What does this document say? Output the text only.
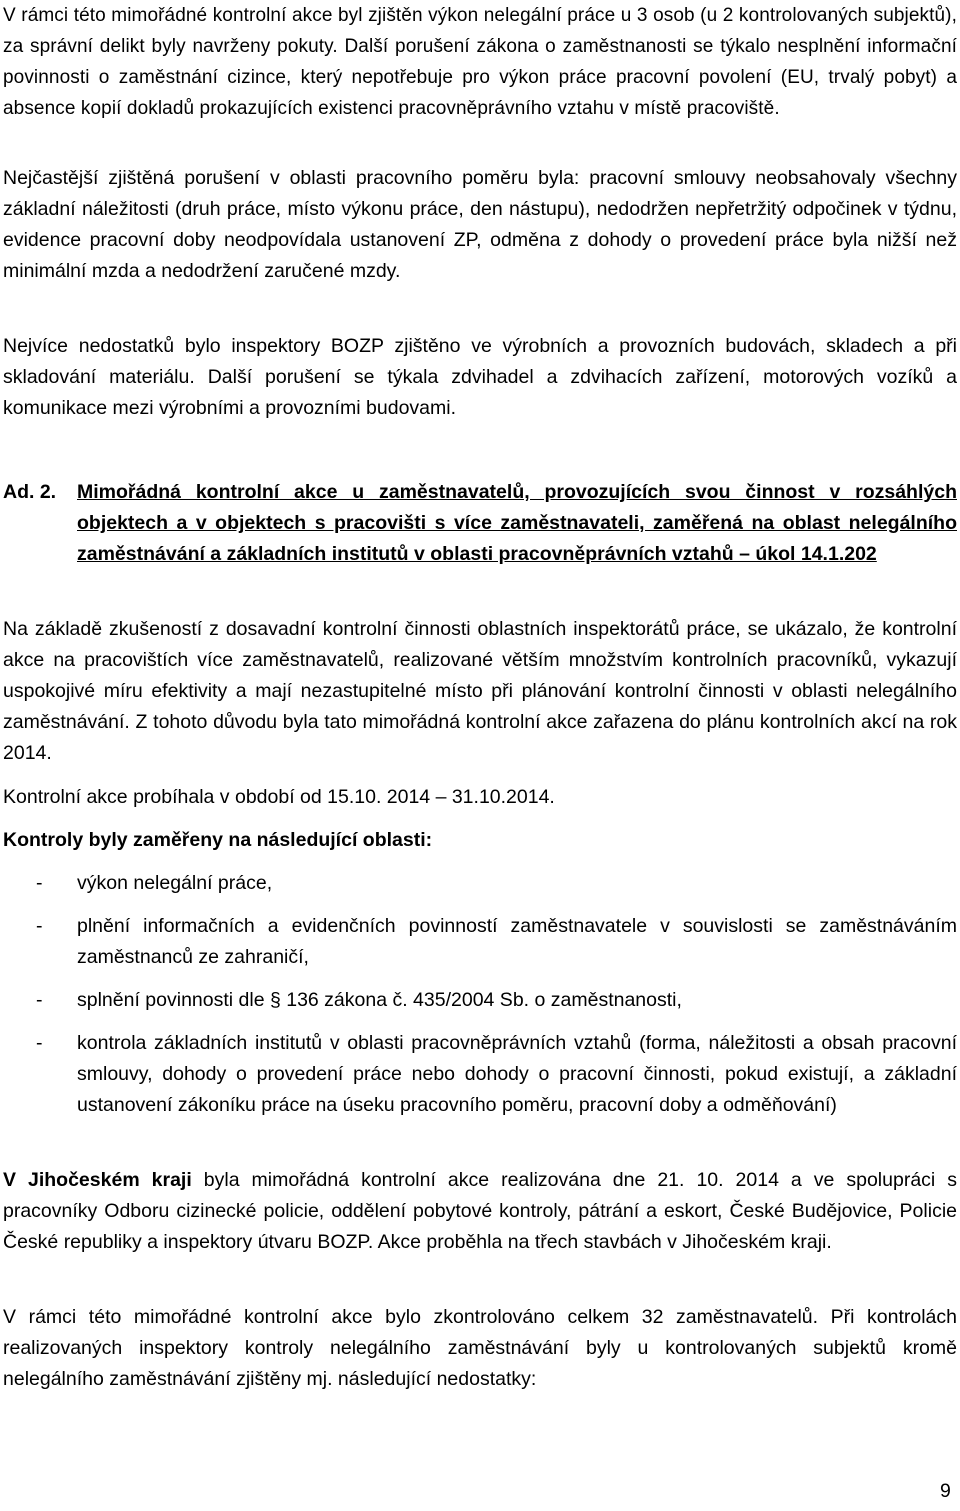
V rámci této mimořádné kontrolní akce byl zjištěn výkon nelegální práce u 3 osob (u 2 kontrolovaných subjektů), za správní delikt byly navrženy pokuty. Další porušení zákona o zaměstnanosti se týkalo nesplnění informační povinnosti o zaměstnání cizince, který nepotřebuje pro výkon práce pracovní povolení (EU, trvalý pobyt) a absence kopií dokladů prokazujících existenci pracovněprávního vztahu v místě pracoviště.

Nejčastější zjištěná porušení v oblasti pracovního poměru byla: pracovní smlouvy neobsahovaly všechny základní náležitosti (druh práce, místo výkonu práce, den nástupu), nedodržen nepřetržitý odpočinek v týdnu, evidence pracovní doby neodpovídala ustanovení ZP, odměna z dohody o provedení práce byla nižší než minimální mzda a nedodržení zaručené mzdy.

Nejvíce nedostatků bylo inspektory BOZP zjištěno ve výrobních a provozních budovách, skladech a při skladování materiálu. Další porušení se týkala zdvihadel a zdvihacích zařízení, motorových vozíků a komunikace mezi výrobními a provozními budovami.

Ad. 2.	Mimořádná kontrolní akce u zaměstnavatelů, provozujících svou činnost v rozsáhlých objektech a v objektech s pracovišti s více zaměstnavateli, zaměřená na oblast nelegálního zaměstnávání a základních institutů v oblasti pracovněprávních vztahů – úkol 14.1.202

Na základě zkušeností z dosavadní kontrolní činnosti oblastních inspektorátů práce, se ukázalo, že kontrolní akce na pracovištích více zaměstnavatelů, realizované větším množstvím kontrolních pracovníků, vykazují uspokojivé míru efektivity a mají nezastupitelné místo při plánování kontrolní činnosti v oblasti nelegálního zaměstnávání. Z tohoto důvodu byla tato mimořádná kontrolní akce zařazena do plánu kontrolních akcí na rok 2014.

Kontrolní akce probíhala v období od 15.10. 2014 – 31.10.2014.

Kontroly byly zaměřeny na následující oblasti:

-	výkon nelegální práce,
-	plnění informačních a evidenčních povinností zaměstnavatele v souvislosti se zaměstnáváním zaměstnanců ze zahraničí,
-	splnění povinnosti dle § 136 zákona č. 435/2004 Sb. o zaměstnanosti,
-	kontrola základních institutů v oblasti pracovněprávních vztahů (forma, náležitosti a obsah pracovní smlouvy, dohody o provedení práce nebo dohody o pracovní činnosti, pokud existují, a základní ustanovení zákoníku práce na úseku pracovního poměru, pracovní doby a odměňování)

V Jihočeském kraji byla mimořádná kontrolní akce realizována dne 21. 10. 2014 a ve spolupráci s pracovníky Odboru cizinecké policie, oddělení pobytové kontroly, pátrání a eskort, České Budějovice, Policie České republiky a inspektory útvaru BOZP. Akce proběhla na třech stavbách v Jihočeském kraji.

V rámci této mimořádné kontrolní akce bylo zkontrolováno celkem 32 zaměstnavatelů. Při kontrolách realizovaných inspektory kontroly nelegálního zaměstnávání byly u kontrolovaných subjektů kromě nelegálního zaměstnávání zjištěny mj. následující nedostatky:

9
